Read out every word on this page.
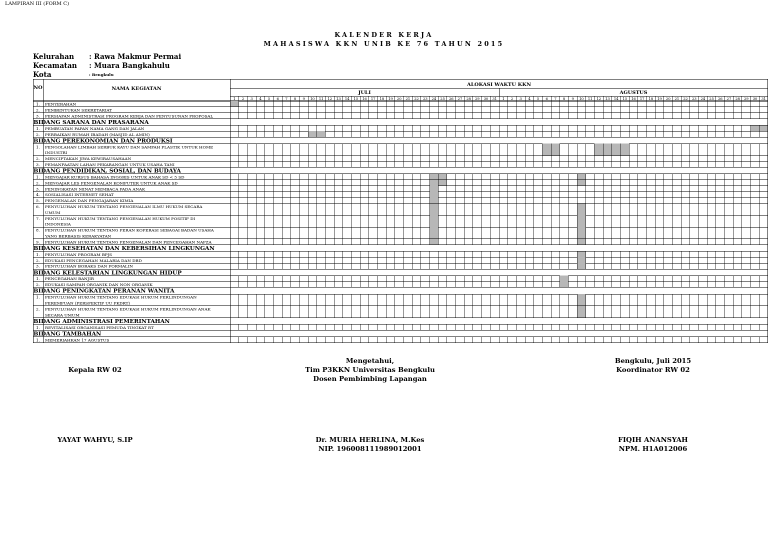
LAMPIRAN III (FORM C)
KALENDER KERJA
MAHASISWA KKN UNIB KE 76 TAHUN 2015
Kelurahan : Rawa Makmur Permai
Kecamatan : Muara Bangkahulu
Kota	: Bengkulu
NO	NAMA KEGIATAN
ALOKASI WAKTU KKN
JULI	AGUSTUS
1 2 3 4 5 6 7 8 9 10 11 12 13 14 15 16 17 18 19 20 21 22 23 24 25 26 27 28 29 30 31 1 2 3 4 5 6 7 8 9 10 11 12 13 14 15 16 17 18 19 20 21 22 23 24 25 26 27 28 29 30 31
1. PENYERAHAN
2. PEMBENTUKAN SEKRETARIAT
3. PERSIAPAN ADMINISTRASI PROGRAM KERJA DAN PENYUSUNAN PROPOSAL
BIDANG SARANA DAN PRASARANA
1. PEMBUATAN PAPAN NAMA GANG DAN JALAN
2. PERBAIKAN RUMAH IBADAH (MASJID AL AMIN)
BIDANG PEREKONOMIAN DAN PRODUKSI
1. PENGOLAHAN LIMBAH SERBUK KAYU DAN SAMPAH PLASTIK UNTUK HOME
INDUSTRI
2. MENCIPTAKAN JIWA KEWIRAUSAHAAN
3. PEMANFAATAN LAHAN PEKARANGAN UNTUK USAHA TANI
BIDANG PENDIDIKAN, SOSIAL, DAN BUDAYA
1. MENGAJAR KURSUS BAHASA INGGRIS UNTUK ANAK SD < 5 SD
2. MENGAJAR LES PENGENALAN KOMPUTER UNTUK ANAK SD
3. PENINGKATAN MINAT MEMBACA PADA ANAK
4. SOSIALISASI INTERNET SEHAT
5. PENGENALAN DAN PENGAJARAN KIMIA
6. PENYULUHAN HUKUM TENTANG PENGENALAN ILMU HUKUM SECARA
UMUM
7. PENYULUHAN HUKUM TENTANG PENGENALAN HUKUM POSITIF DI
INDONESIA
8. PENYULUHAN HUKUM TENTANG PERAN KOPERASI SEBAGAI BADAN USAHA
YANG BERBASIS KERAKYATAN
9. PENYULUHAN HUKUM TENTANG PENGENALAN DAN PENCEGAHAN NAPZA
BIDANG KESEHATAN DAN KEBERSIHAN LINGKUNGAN
1. PENYULUHAN PROGRAM BPJS
2. EDUKASI PENCEGAHAN MALARIA DAN DBD
3. PENYULUHAN BORAKS DAN FORMALIN
BIDANG KELESTARIAN LINGKUNGAN HIDUP
1. PENCEGAHAN BANJIR
2. EDUKASI SAMPAH ORGANIK DAN NON ORGANIK
BIDANG PENINGKATAN PERANAN WANITA
1. PENYULUHAN HUKUM TENTANG EDUKASI HUKUM PERLINDUNGAN
PEREMPUAN (PERSPEKTIF UU PKDRT)
2. PENYULUHAN HUKUM TENTANG EDUKASI HUKUM PERLINDUNGAN ANAK
SECARA UMUM
BIDANG ADMINISTRASI PEMERINTAHAN
1. REVITALISASI ORGANISASI PEMUDA TINGKAT RT
BIDANG TAMBAHAN
1. MEMERIAHKAN 17 AGUSTUS
Kepala RW 02
YAYAT WAHYU, S.IP
Mengetahui,
Tim P3KKN Universitas Bengkulu
Dosen Pembimbing Lapangan
Dr. MURIA HERLINA, M.Kes
NIP. 196008111989012001
Bengkulu, Juli 2015
Koordinator RW 02
FIQIH ANANSYAH
NPM. H1A012006
